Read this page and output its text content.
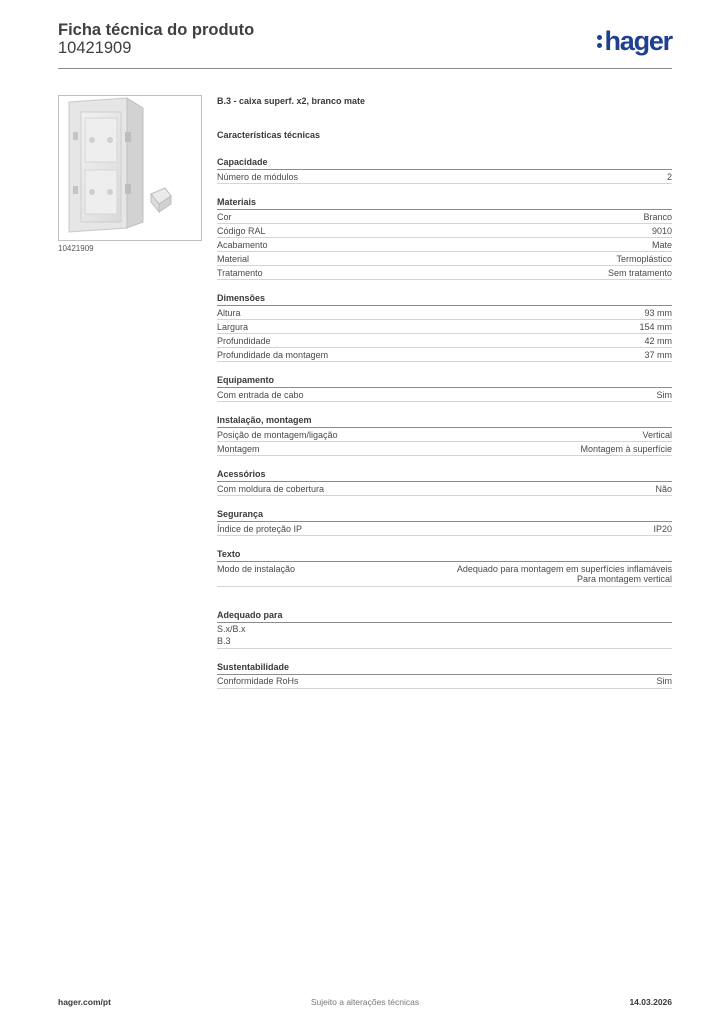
Ficha técnica do produto
10421909	hager
10421909
B.3 - caixa superf. x2, branco mate
Características técnicas
Capacidade
Número de módulos	2
Materiais
Cor	Branco
Código RAL	9010
Acabamento	Mate
Material	Termoplástico
Tratamento	Sem tratamento
Dimensões
Altura	93 mm
Largura	154 mm
Profundidade	42 mm
Profundidade da montagem	37 mm
Equipamento
Com entrada de cabo	Sim
Instalação, montagem
Posição de montagem/ligação	Vertical
Montagem	Montagem à superfície
Acessórios
Com moldura de cobertura	Não
Segurança
Índice de proteção IP	IP20
Texto
Modo de instalação	Adequado para montagem em superfícies inflamáveis
Para montagem vertical
Adequado para
S.x/B.x
B.3
Sustentabilidade
Conformidade RoHs	Sim
hager.com/pt	Sujeito a alterações técnicas	14.03.2026
